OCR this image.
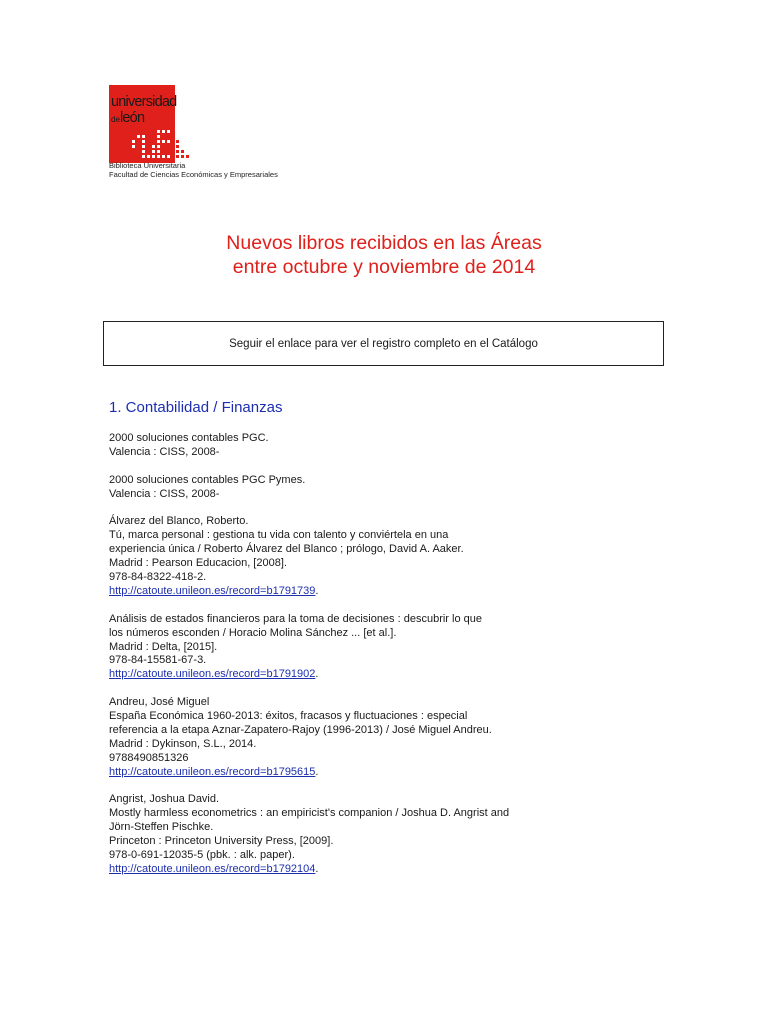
universidad
de león
Biblioteca Universitaria
Facultad de Ciencias Económicas y Empresariales
Nuevos libros recibidos en las Áreas
entre octubre y noviembre de 2014
Seguir el enlace para ver el registro completo en el Catálogo
1. Contabilidad / Finanzas
2000 soluciones contables PGC.
Valencia : CISS, 2008-
2000 soluciones contables PGC Pymes.
Valencia : CISS, 2008-
Álvarez del Blanco, Roberto.
Tú, marca personal : gestiona tu vida con talento y conviértela en una
experiencia única / Roberto Álvarez del Blanco ; prólogo, David A. Aaker.
Madrid : Pearson Educacion, [2008].
978-84-8322-418-2.
http://catoute.unileon.es/record=b1791739.
Análisis de estados financieros para la toma de decisiones : descubrir lo que
los números esconden / Horacio Molina Sánchez ... [et al.].
Madrid : Delta, [2015].
978-84-15581-67-3.
http://catoute.unileon.es/record=b1791902.
Andreu, José Miguel
España Económica 1960-2013: éxitos, fracasos y fluctuaciones : especial
referencia a la etapa Aznar-Zapatero-Rajoy (1996-2013) / José Miguel Andreu.
Madrid : Dykinson, S.L., 2014.
9788490851326
http://catoute.unileon.es/record=b1795615.
Angrist, Joshua David.
Mostly harmless econometrics : an empiricist's companion / Joshua D. Angrist and
Jörn-Steffen Pischke.
Princeton : Princeton University Press, [2009].
978-0-691-12035-5 (pbk. : alk. paper).
http://catoute.unileon.es/record=b1792104.
